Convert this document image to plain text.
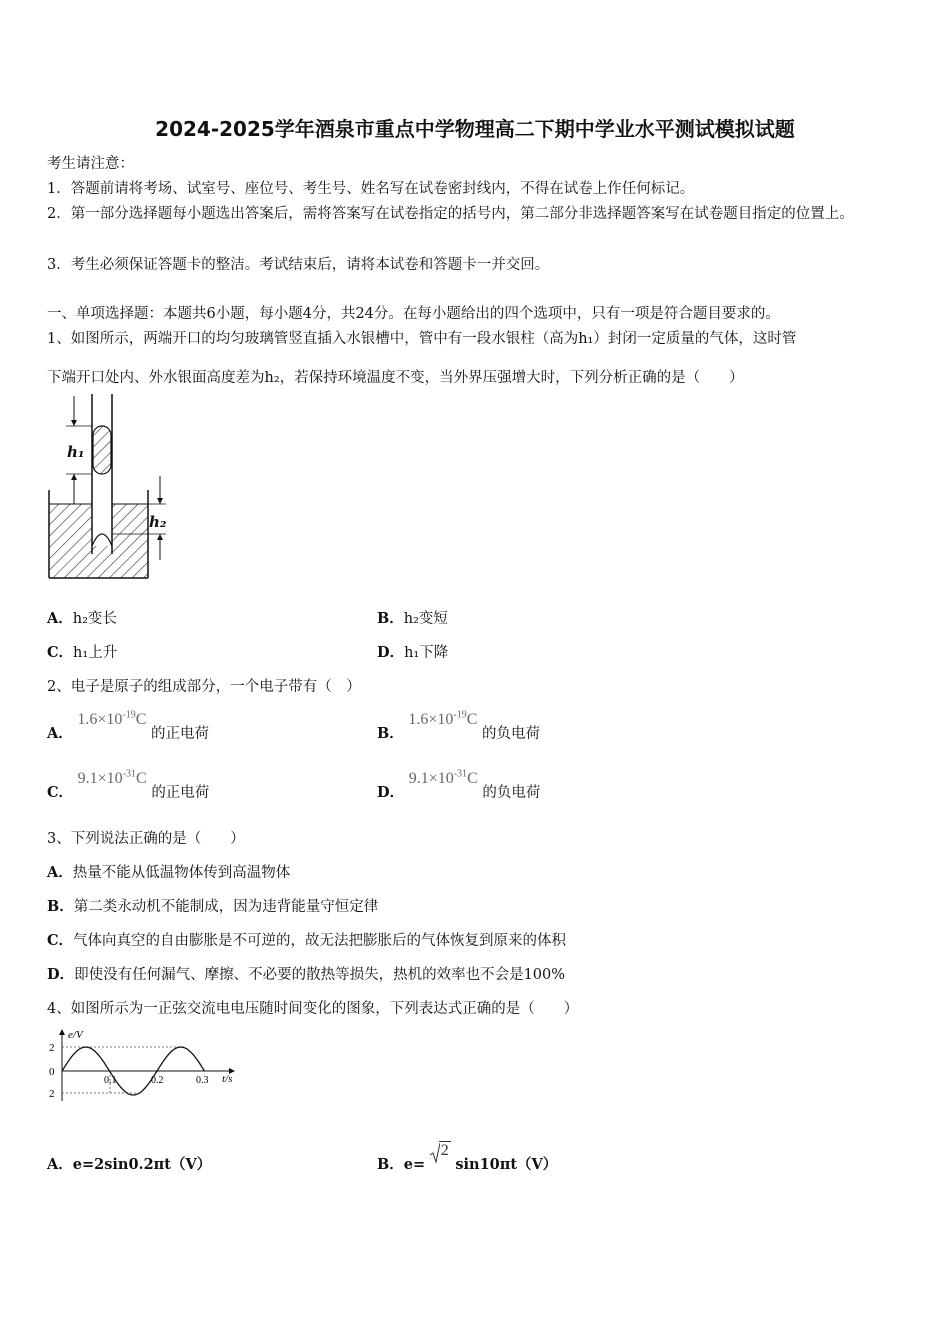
2024-2025学年酒泉市重点中学物理高二下期中学业水平测试模拟试题
考生请注意：
1．答题前请将考场、试室号、座位号、考生号、姓名写在试卷密封线内，不得在试卷上作任何标记。
2．第一部分选择题每小题选出答案后，需将答案写在试卷指定的括号内，第二部分非选择题答案写在试卷题目指定的位置上。
3．考生必须保证答题卡的整洁。考试结束后，请将本试卷和答题卡一并交回。
一、单项选择题：本题共6小题，每小题4分，共24分。在每小题给出的四个选项中，只有一项是符合题目要求的。
1、如图所示，两端开口的均匀玻璃管竖直插入水银槽中，管中有一段水银柱（高为h₁）封闭一定质量的气体，这时管
下端开口处内、外水银面高度差为h₂，若保持环境温度不变，当外界压强增大时，下列分析正确的是（　　）
h₁
h₂
A．h₂变长	B．h₂变短
C．h₁上升	D．h₁下降
2、电子是原子的组成部分，一个电子带有（　）
A． $1.6\times 10^{-19}C$ 的正电荷	B． $1.6\times 10^{-19}C$ 的负电荷
C． $9.1\times 10^{-31}C$ 的正电荷	D． $9.1\times 10^{-31}C$ 的负电荷
3、下列说法正确的是（　　）
A．热量不能从低温物体传到高温物体
B．第二类永动机不能制成，因为违背能量守恒定律
C．气体向真空的自由膨胀是不可逆的，故无法把膨胀后的气体恢复到原来的体积
D．即使没有任何漏气、摩擦、不必要的散热等损失，热机的效率也不会是100%
4、如图所示为一正弦交流电电压随时间变化的图象，下列表达式正确的是（　　）
e/V
t/s
2
0
2
0.1	0.2	0.3
A．e=2sin0.2πt（V）	B．e=
2 sin10πt（V）
